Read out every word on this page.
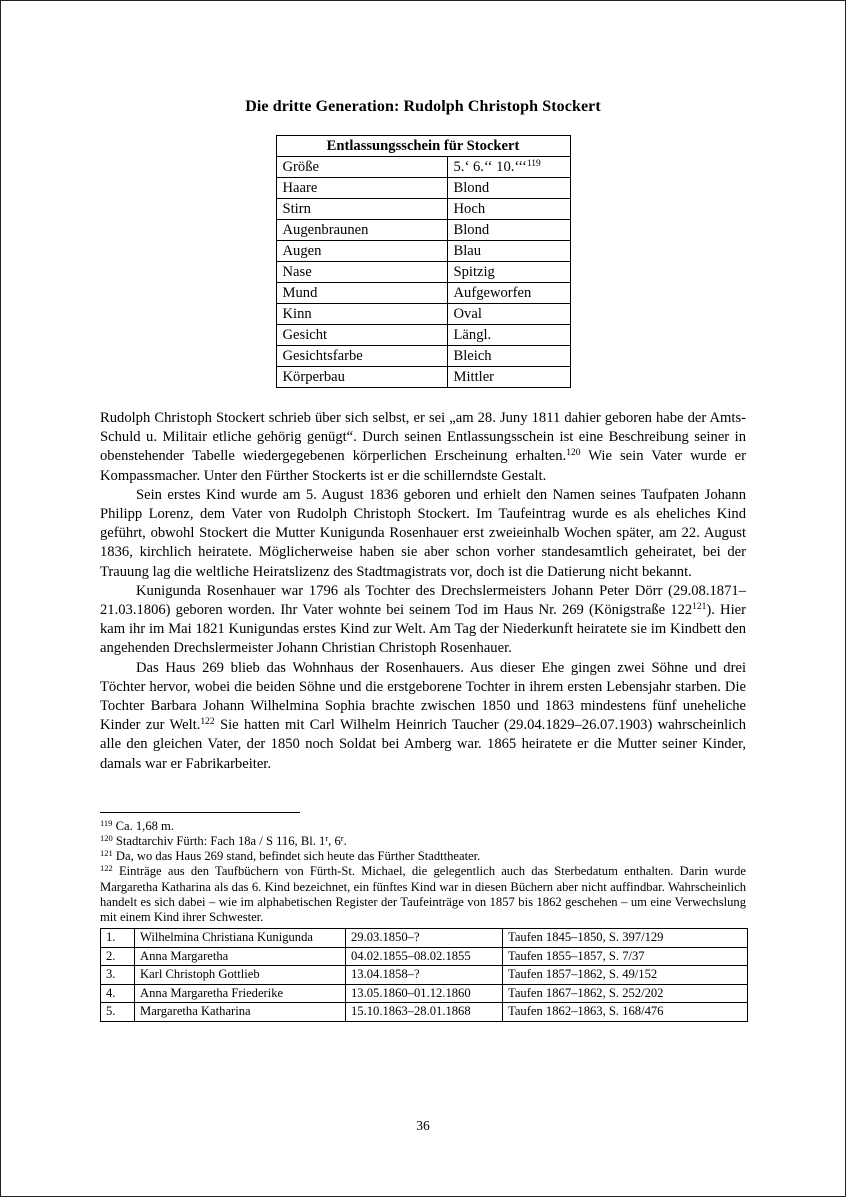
Die dritte Generation: Rudolph Christoph Stockert
Entlassungsschein für Stockert	
Größe	5.‘ 6.‘‘ 10.‘‘‘$^{119}$
Haare	Blond
Stirn	Hoch
Augenbraunen	Blond
Augen	Blau
Nase	Spitzig
Mund	Aufgeworfen
Kinn	Oval
Gesicht	Längl.
Gesichtsfarbe	Bleich
Körperbau	Mittler

Rudolph Christoph Stockert schrieb über sich selbst, er sei „am 28. Juny 1811 dahier geboren habe der Amts-Schuld u. Militair etliche gehörig genügt“. Durch seinen Entlassungsschein ist eine Beschreibung seiner in obenstehender Tabelle wiedergegebenen körperlichen Erscheinung erhalten.$^{120}$ Wie sein Vater wurde er Kompassmacher. Unter den Fürther Stockerts ist er die schillerndste Gestalt.

Sein erstes Kind wurde am 5. August 1836 geboren und erhielt den Namen seines Taufpaten Johann Philipp Lorenz, dem Vater von Rudolph Christoph Stockert. Im Taufeintrag wurde es als eheliches Kind geführt, obwohl Stockert die Mutter Kunigunda Rosenhauer erst zweieinhalb Wochen später, am 22. August 1836, kirchlich heiratete. Möglicherweise haben sie aber schon vorher standesamtlich geheiratet, bei der Trauung lag die weltliche Heiratslizenz des Stadtmagistrats vor, doch ist die Datierung nicht bekannt.

Kunigunda Rosenhauer war 1796 als Tochter des Drechslermeisters Johann Peter Dörr (29.08.1871–21.03.1806) geboren worden. Ihr Vater wohnte bei seinem Tod im Haus Nr. 269 (Königstraße 122$^{121}$). Hier kam ihr im Mai 1821 Kunigundas erstes Kind zur Welt. Am Tag der Niederkunft heiratete sie im Kindbett den angehenden Drechslermeister Johann Christian Christoph Rosenhauer.

Das Haus 269 blieb das Wohnhaus der Rosenhauers. Aus dieser Ehe gingen zwei Söhne und drei Töchter hervor, wobei die beiden Söhne und die erstgeborene Tochter in ihrem ersten Lebensjahr starben. Die Tochter Barbara Johann Wilhelmina Sophia brachte zwischen 1850 und 1863 mindestens fünf uneheliche Kinder zur Welt.$^{122}$ Sie hatten mit Carl Wilhelm Heinrich Taucher (29.04.1829–26.07.1903) wahrscheinlich alle den gleichen Vater, der 1850 noch Soldat bei Amberg war. 1865 heiratete er die Mutter seiner Kinder, damals war er Fabrikarbeiter.

$^{119}$ Ca. 1,68 m.

$^{120}$ Stadtarchiv Fürth: Fach 18a / S 116, Bl. 1$^r$, 6$^r$.

$^{121}$ Da, wo das Haus 269 stand, befindet sich heute das Fürther Stadttheater.

$^{122}$ Einträge aus den Taufbüchern von Fürth-St. Michael, die gelegentlich auch das Sterbedatum enthalten. Darin wurde Margaretha Katharina als das 6. Kind bezeichnet, ein fünftes Kind war in diesen Büchern aber nicht auffindbar. Wahrscheinlich handelt es sich dabei – wie im alphabetischen Register der Taufeinträge von 1857 bis 1862 geschehen – um eine Verwechslung mit einem Kind ihrer Schwester.

1.	Wilhelmina Christiana Kunigunda	29.03.1850–?	Taufen 1845–1850, S. 397/129
2.	Anna Margaretha	04.02.1855–08.02.1855	Taufen 1855–1857, S. 7/37
3.	Karl Christoph Gottlieb	13.04.1858–?	Taufen 1857–1862, S. 49/152
4.	Anna Margaretha Friederike	13.05.1860–01.12.1860	Taufen 1867–1862, S. 252/202
5.	Margaretha Katharina	15.10.1863–28.01.1868	Taufen 1862–1863, S. 168/476
36
